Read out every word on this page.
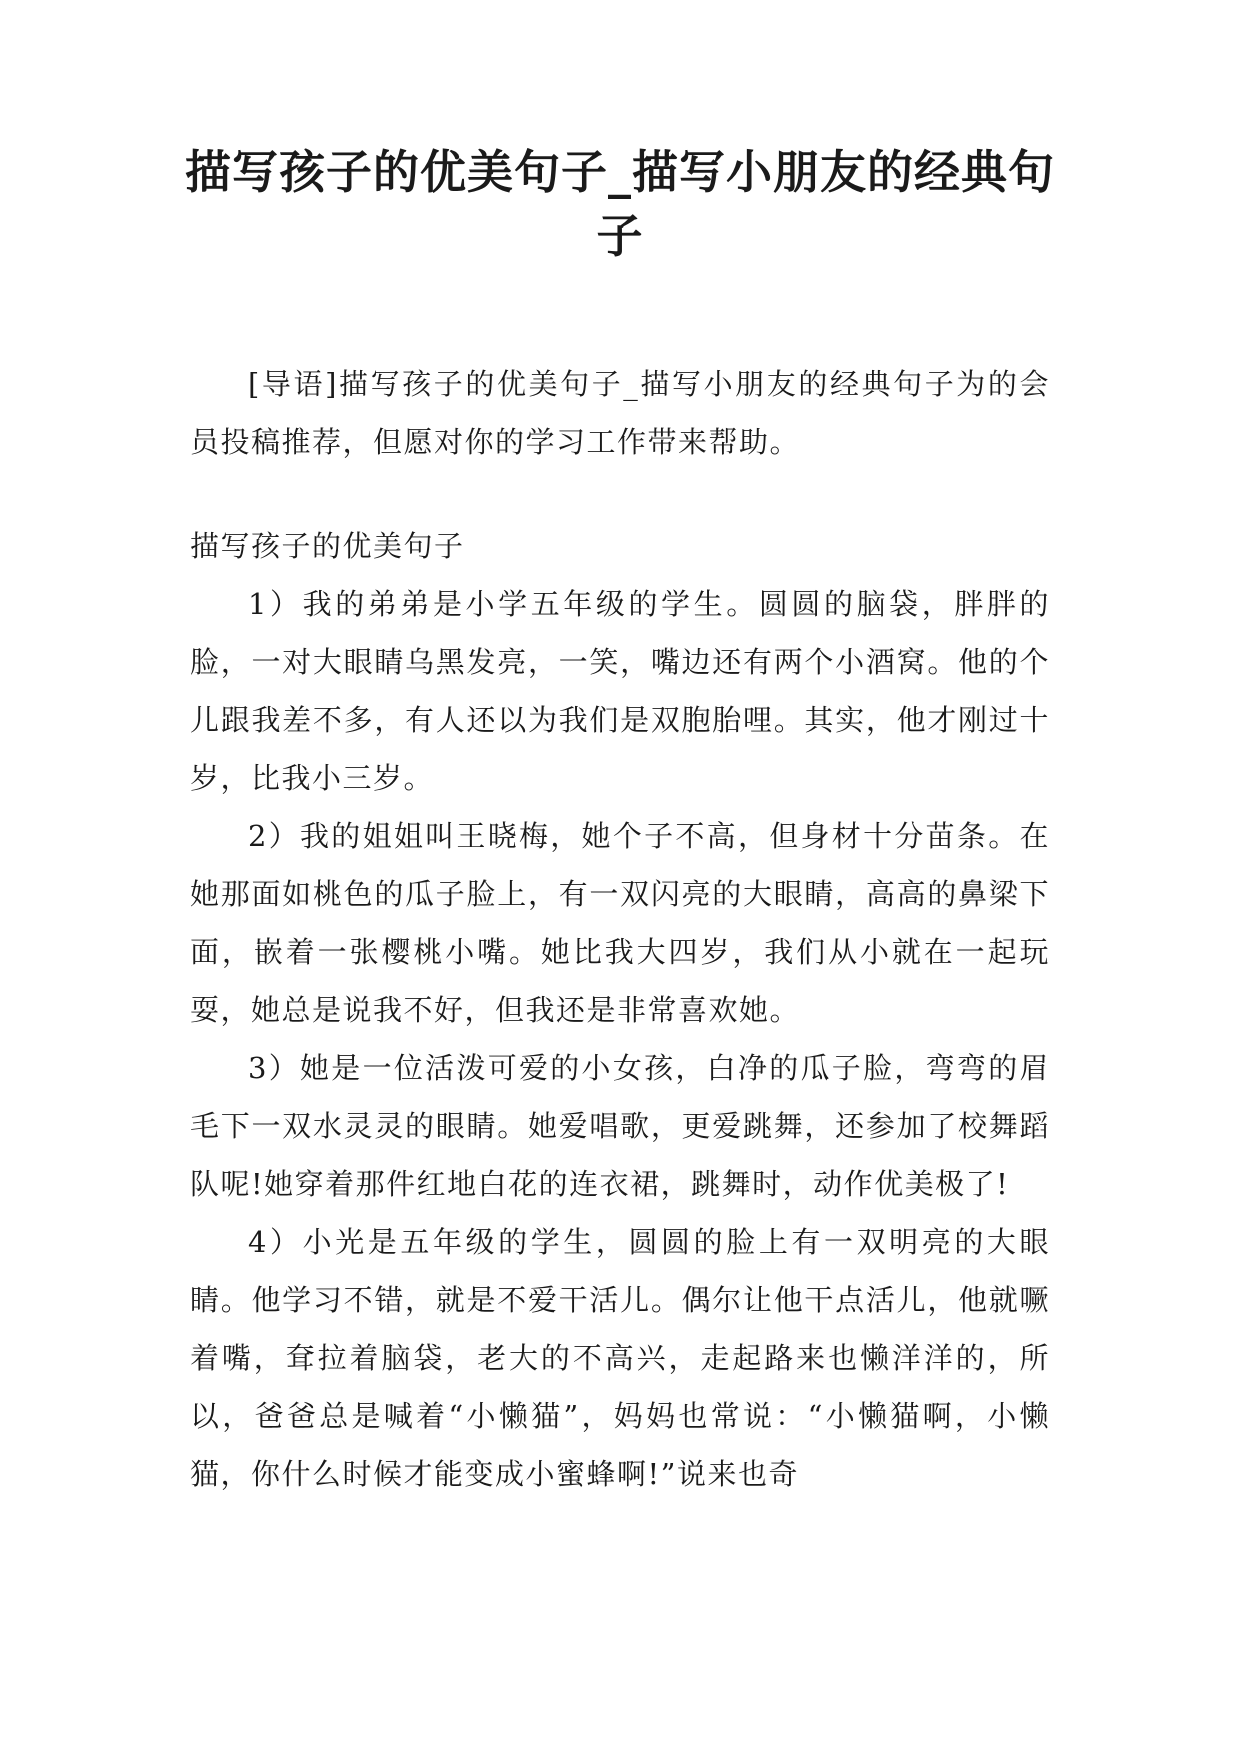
描写孩子的优美句子_描写小朋友的经典句子

[导语]描写孩子的优美句子_描写小朋友的经典句子为的会员投稿推荐，但愿对你的学习工作带来帮助。

描写孩子的优美句子

1）我的弟弟是小学五年级的学生。圆圆的脑袋，胖胖的脸，一对大眼睛乌黑发亮，一笑，嘴边还有两个小酒窝。他的个儿跟我差不多，有人还以为我们是双胞胎哩。其实，他才刚过十岁，比我小三岁。

2）我的姐姐叫王晓梅，她个子不高，但身材十分苗条。在她那面如桃色的瓜子脸上，有一双闪亮的大眼睛，高高的鼻梁下面，嵌着一张樱桃小嘴。她比我大四岁，我们从小就在一起玩耍，她总是说我不好，但我还是非常喜欢她。

3）她是一位活泼可爱的小女孩，白净的瓜子脸，弯弯的眉毛下一双水灵灵的眼睛。她爱唱歌，更爱跳舞，还参加了校舞蹈队呢!她穿着那件红地白花的连衣裙，跳舞时，动作优美极了!

4）小光是五年级的学生，圆圆的脸上有一双明亮的大眼睛。他学习不错，就是不爱干活儿。偶尔让他干点活儿，他就噘着嘴，耷拉着脑袋，老大的不高兴，走起路来也懒洋洋的，所以，爸爸总是喊着“小懒猫”，妈妈也常说：“小懒猫啊，小懒猫，你什么时候才能变成小蜜蜂啊!”说来也奇
